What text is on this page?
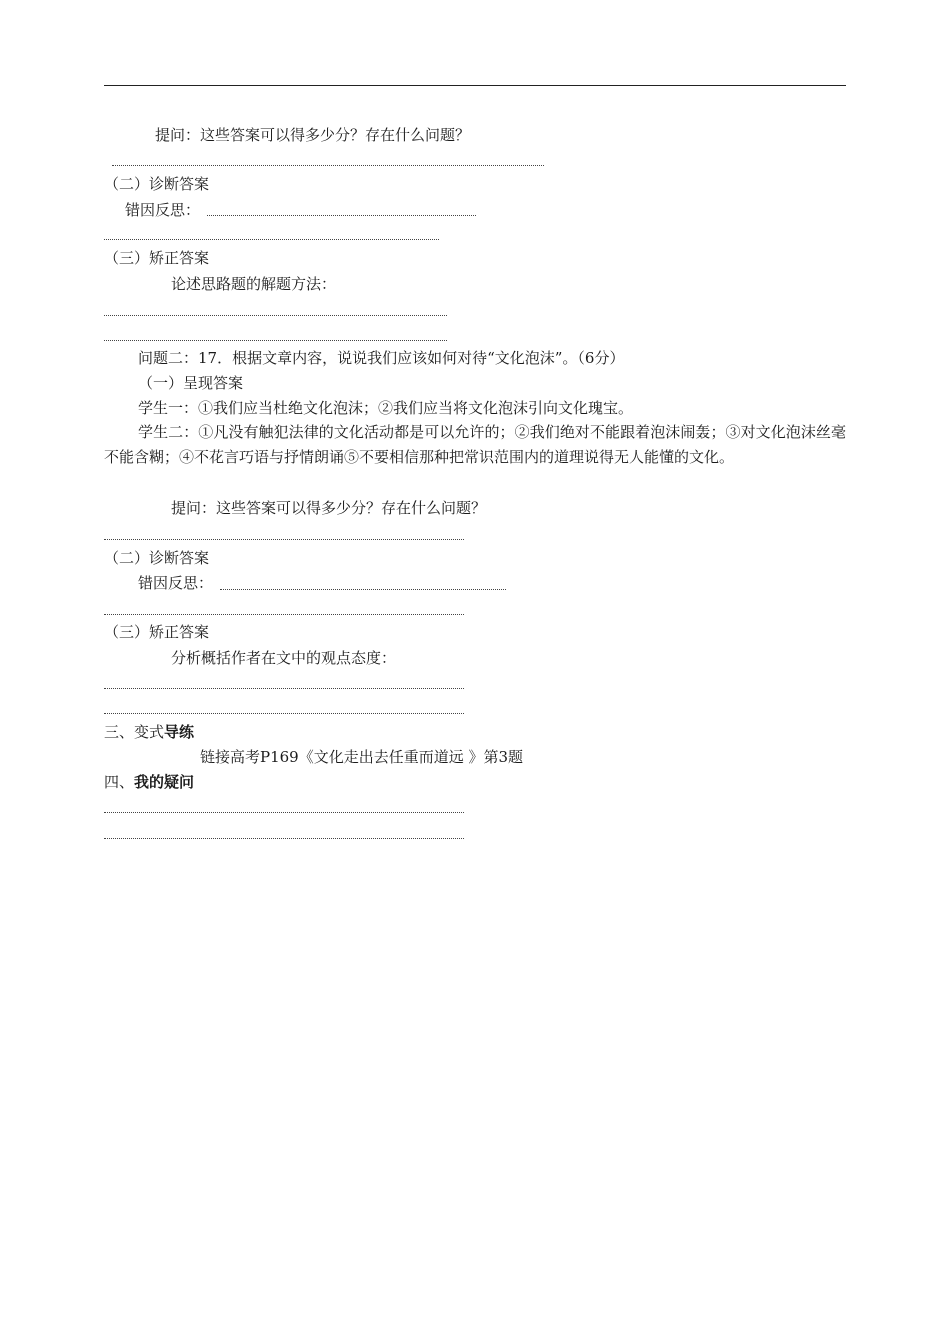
提问：这些答案可以得多少分？存在什么问题？
（二）诊断答案
错因反思：
（三）矫正答案
论述思路题的解题方法：
问题二：17．根据文章内容，说说我们应该如何对待“文化泡沫”。（6分）
（一）呈现答案
学生一：①我们应当杜绝文化泡沫；②我们应当将文化泡沫引向文化瑰宝。
学生二：①凡没有触犯法律的文化活动都是可以允许的；②我们绝对不能跟着泡沫闹轰；③对文化泡沫丝毫不能含糊；④不花言巧语与抒情朗诵⑤不要相信那种把常识范围内的道理说得无人能懂的文化。
提问：这些答案可以得多少分？存在什么问题？
（二）诊断答案
错因反思：
（三）矫正答案
分析概括作者在文中的观点态度：
三、变式导练
链接高考P169《文化走出去任重而道远 》第3题
四、我的疑问
